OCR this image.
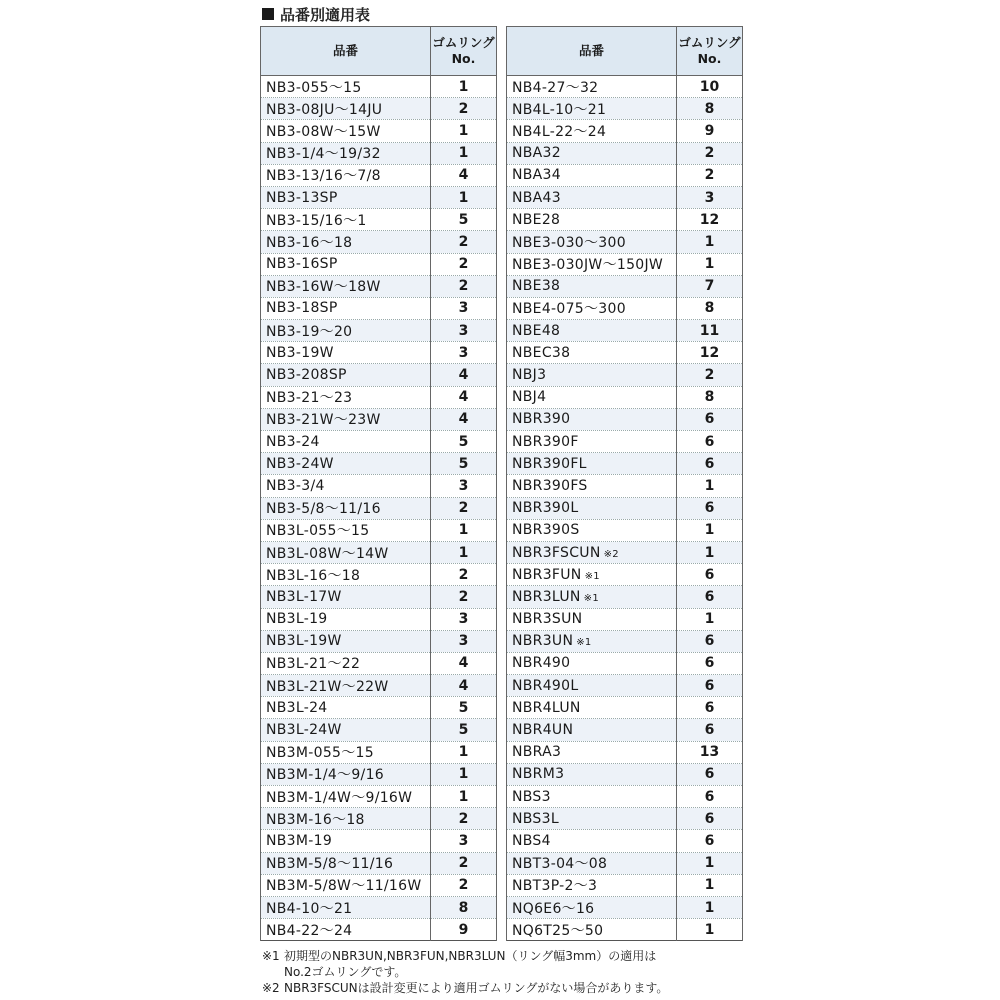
品番別適用表
品番	ゴムリング
No.
NB3-055～15	1
NB3-08JU～14JU	2
NB3-08W～15W	1
NB3-1/4～19/32	1
NB3-13/16～7/8	4
NB3-13SP	1
NB3-15/16～1	5
NB3-16～18	2
NB3-16SP	2
NB3-16W～18W	2
NB3-18SP	3
NB3-19～20	3
NB3-19W	3
NB3-208SP	4
NB3-21～23	4
NB3-21W～23W	4
NB3-24	5
NB3-24W	5
NB3-3/4	3
NB3-5/8～11/16	2
NB3L-055～15	1
NB3L-08W～14W	1
NB3L-16～18	2
NB3L-17W	2
NB3L-19	3
NB3L-19W	3
NB3L-21～22	4
NB3L-21W～22W	4
NB3L-24	5
NB3L-24W	5
NB3M-055～15	1
NB3M-1/4～9/16	1
NB3M-1/4W～9/16W	1
NB3M-16～18	2
NB3M-19	3
NB3M-5/8～11/16	2
NB3M-5/8W～11/16W	2
NB4-10～21	8
NB4-22～24	9
品番	ゴムリング
No.
NB4-27～32	10
NB4L-10～21	8
NB4L-22～24	9
NBA32	2
NBA34	2
NBA43	3
NBE28	12
NBE3-030～300	1
NBE3-030JW～150JW	1
NBE38	7
NBE4-075～300	8
NBE48	11
NBEC38	12
NBJ3	2
NBJ4	8
NBR390	6
NBR390F	6
NBR390FL	6
NBR390FS	1
NBR390L	6
NBR390S	1
NBR3FSCUN ※2	1
NBR3FUN ※1	6
NBR3LUN ※1	6
NBR3SUN	1
NBR3UN ※1	6
NBR490	6
NBR490L	6
NBR4LUN	6
NBR4UN	6
NBRA3	13
NBRM3	6
NBS3	6
NBS3L	6
NBS4	6
NBT3-04～08	1
NBT3P-2～3	1
NQ6E6～16	1
NQ6T25～50	1
※1 初期型のNBR3UN,NBR3FUN,NBR3LUN（リング幅3mm）の適用は
No.2ゴムリングです。
※2 NBR3FSCUNは設計変更により適用ゴムリングがない場合があります。
